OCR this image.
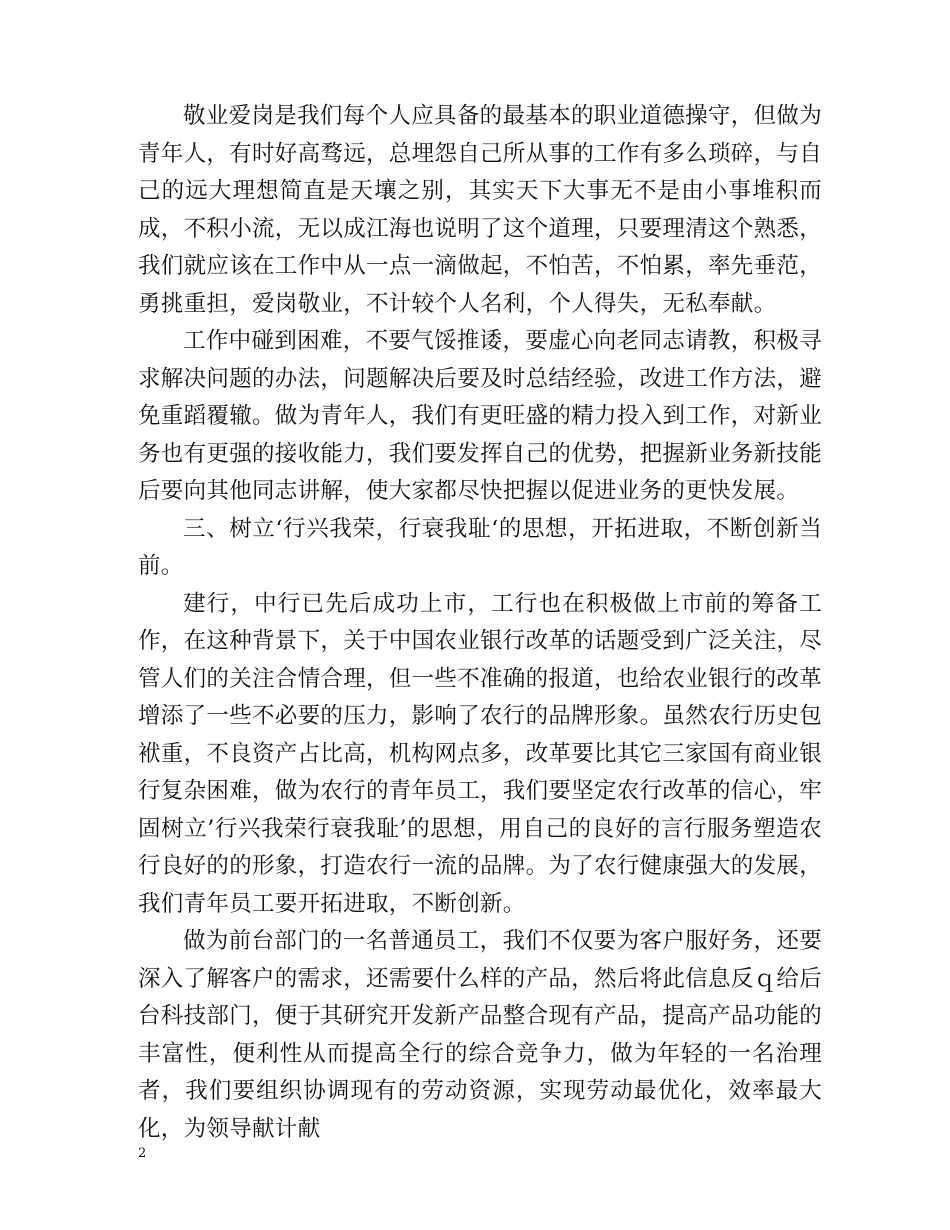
敬业爱岗是我们每个人应具备的最基本的职业道德操守，但做为青年人，有时好高骛远，总埋怨自己所从事的工作有多么琐碎，与自己的远大理想简直是天壤之别，其实天下大事无不是由小事堆积而成，不积小流，无以成江海也说明了这个道理，只要理清这个熟悉，我们就应该在工作中从一点一滴做起，不怕苦，不怕累，率先垂范，勇挑重担，爱岗敬业，不计较个人名利，个人得失，无私奉献。

工作中碰到困难，不要气馁推诿，要虚心向老同志请教，积极寻求解决问题的办法，问题解决后要及时总结经验，改进工作方法，避免重蹈覆辙。做为青年人，我们有更旺盛的精力投入到工作，对新业务也有更强的接收能力，我们要发挥自己的优势，把握新业务新技能后要向其他同志讲解，使大家都尽快把握以促进业务的更快发展。

三、树立‘行兴我荣，行衰我耻‘的思想，开拓进取，不断创新当前。

建行，中行已先后成功上市，工行也在积极做上市前的筹备工作，在这种背景下，关于中国农业银行改革的话题受到广泛关注，尽管人们的关注合情合理，但一些不准确的报道，也给农业银行的改革增添了一些不必要的压力，影响了农行的品牌形象。虽然农行历史包袱重，不良资产占比高，机构网点多，改革要比其它三家国有商业银行复杂困难，做为农行的青年员工，我们要坚定农行改革的信心，牢固树立’行兴我荣行衰我耻’的思想，用自己的良好的言行服务塑造农行良好的的形象，打造农行一流的品牌。为了农行健康强大的发展，我们青年员工要开拓进取，不断创新。

做为前台部门的一名普通员工，我们不仅要为客户服好务，还要深入了解客户的需求，还需要什么样的产品，然后将此信息反ｑ给后台科技部门，便于其研究开发新产品整合现有产品，提高产品功能的丰富性，便利性从而提高全行的综合竞争力，做为年轻的一名治理者，我们要组织协调现有的劳动资源，实现劳动最优化，效率最大化，为领导献计献

2
